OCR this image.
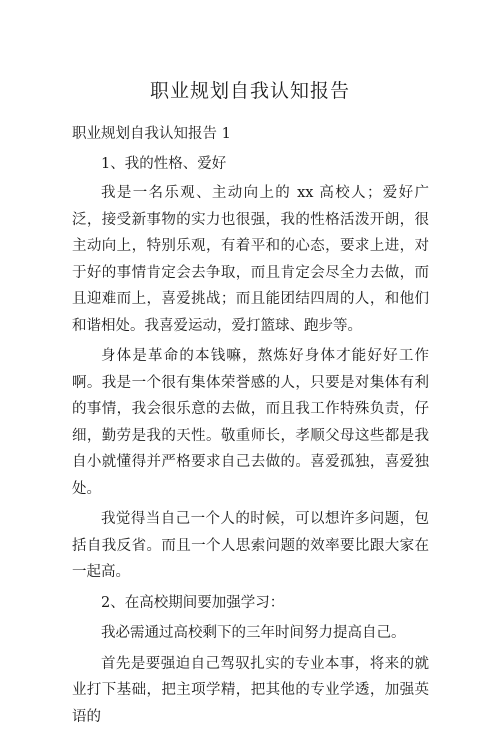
职业规划自我认知报告

职业规划自我认知报告 1

1、我的性格、爱好

我是一名乐观、主动向上的 xx 高校人；爱好广泛，接受新事物的实力也很强，我的性格活泼开朗，很主动向上，特别乐观，有着平和的心态，要求上进，对于好的事情肯定会去争取，而且肯定会尽全力去做，而且迎难而上，喜爱挑战；而且能团结四周的人，和他们和谐相处。我喜爱运动，爱打篮球、跑步等。

身体是革命的本钱嘛，熬炼好身体才能好好工作啊。我是一个很有集体荣誉感的人，只要是对集体有利的事情，我会很乐意的去做，而且我工作特殊负责，仔细，勤劳是我的天性。敬重师长，孝顺父母这些都是我自小就懂得并严格要求自己去做的。喜爱孤独，喜爱独处。

我觉得当自己一个人的时候，可以想许多问题，包括自我反省。而且一个人思索问题的效率要比跟大家在一起高。

2、在高校期间要加强学习：

我必需通过高校剩下的三年时间努力提高自己。

首先是要强迫自己驾驭扎实的专业本事，将来的就业打下基础，把主项学精，把其他的专业学透，加强英语的
